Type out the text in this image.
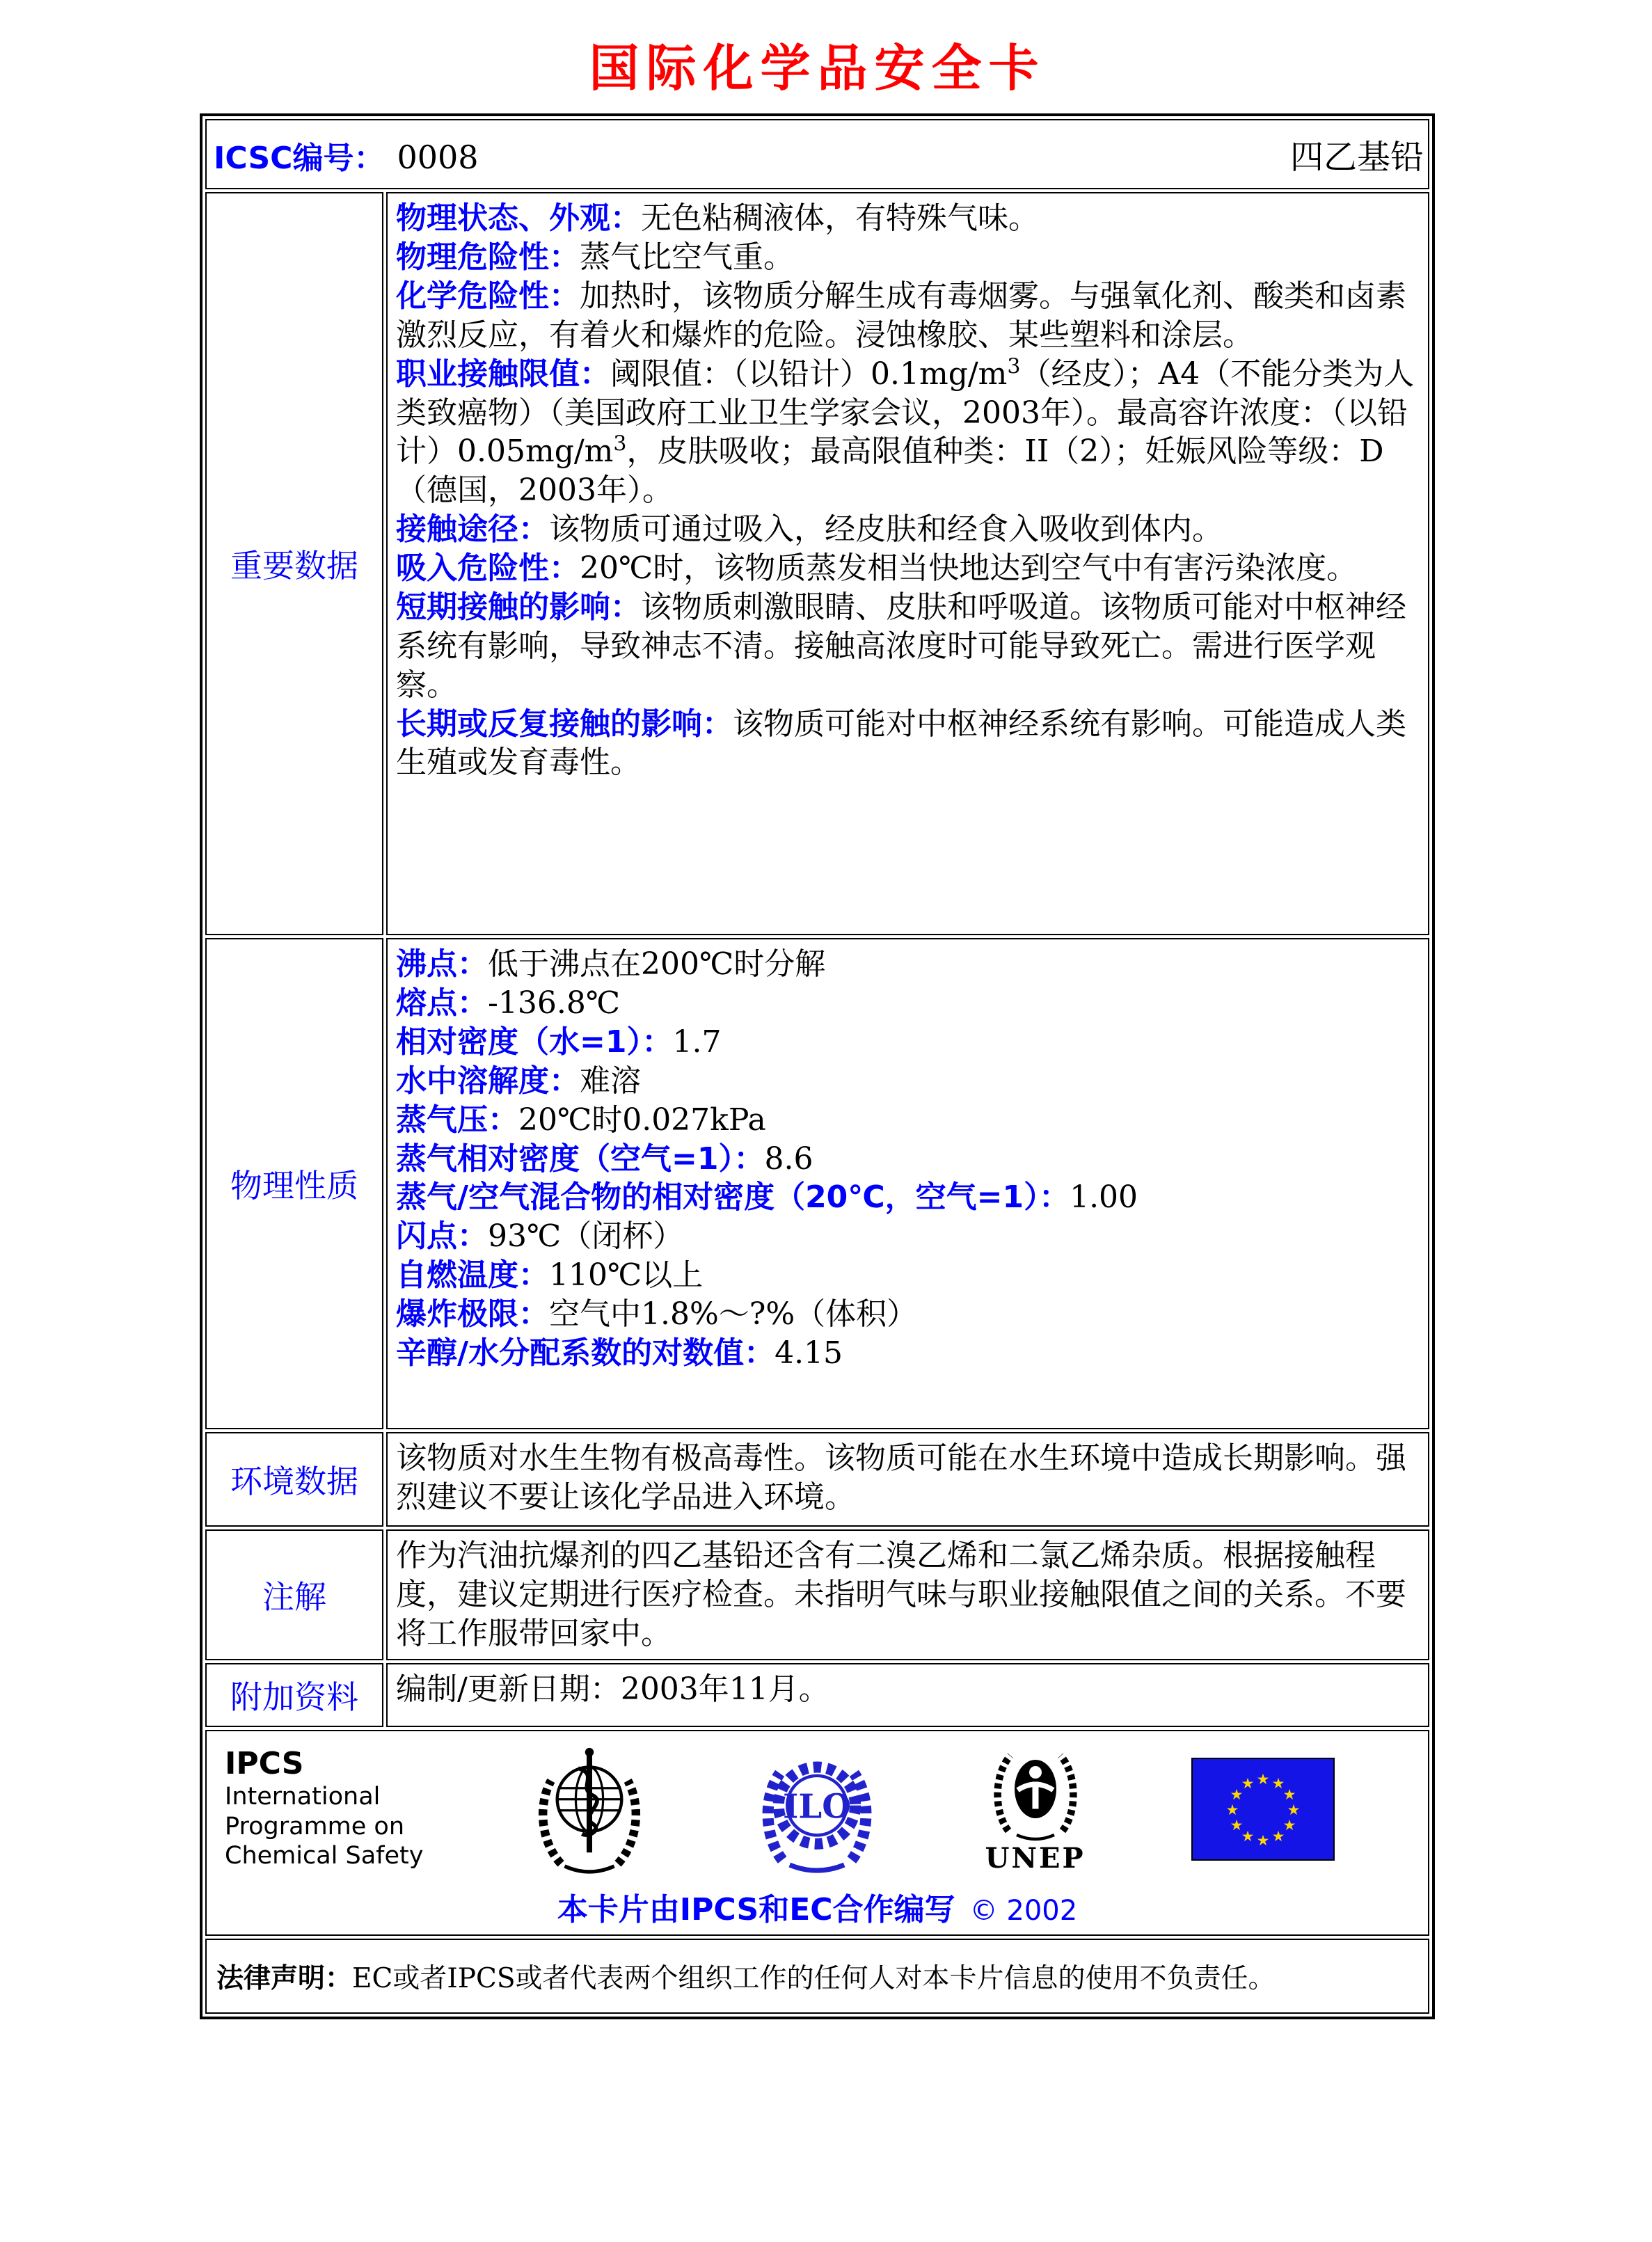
国际化学品安全卡
ICSC编号： 0008 四乙基铅	

重要数据	
物理状态、外观：无色粘稠液体，有特殊气味。
物理危险性：蒸气比空气重。
化学危险性：加热时，该物质分解生成有毒烟雾。与强氧化剂、酸类和卤素激烈反应，有着火和爆炸的危险。浸蚀橡胶、某些塑料和涂层。
职业接触限值：阈限值：（以铅计）$0.1mg/m^3$（经皮）；A4（不能分类为人类致癌物）（美国政府工业卫生学家会议，2003年）。最高容许浓度：（以铅计）$0.05mg/m^3$，皮肤吸收；最高限值种类：II（2）；妊娠风险等级：D（德国，2003年）。
接触途径：该物质可通过吸入，经皮肤和经食入吸收到体内。
吸入危险性：20℃时，该物质蒸发相当快地达到空气中有害污染浓度。
短期接触的影响：该物质刺激眼睛、皮肤和呼吸道。该物质可能对中枢神经系统有影响，导致神志不清。接触高浓度时可能导致死亡。需进行医学观察。
长期或反复接触的影响：该物质可能对中枢神经系统有影响。可能造成人类生殖或发育毒性。

物理性质	
沸点：低于沸点在200℃时分解
熔点：-136.8℃
相对密度（水=1）：1.7
水中溶解度：难溶
蒸气压：20℃时0.027kPa
蒸气相对密度（空气=1）：8.6
蒸气/空气混合物的相对密度（20℃，空气=1）：1.00
闪点：93℃（闭杯）
自燃温度：110℃以上
爆炸极限：空气中1.8%～?%（体积）
辛醇/水分配系数的对数值：4.15

环境数据	该物质对水生生物有极高毒性。该物质可能在水生环境中造成长期影响。强烈建议不要让该化学品进入环境。
注解	作为汽油抗爆剂的四乙基铅还含有二溴乙烯和二氯乙烯杂质。根据接触程度，建议定期进行医疗检查。未指明气味与职业接触限值之间的关系。不要将工作服带回家中。
附加资料	编制/更新日期：2003年11月。

IPCS
International
Programme on
Chemical Safety
ILO
UNEP
★ ★
★
★
★
★
★
★
★
★
★
★
本卡片由IPCS和EC合作编写 © 2002

法律声明：EC或者IPCS或者代表两个组织工作的任何人对本卡片信息的使用不负责任。	
